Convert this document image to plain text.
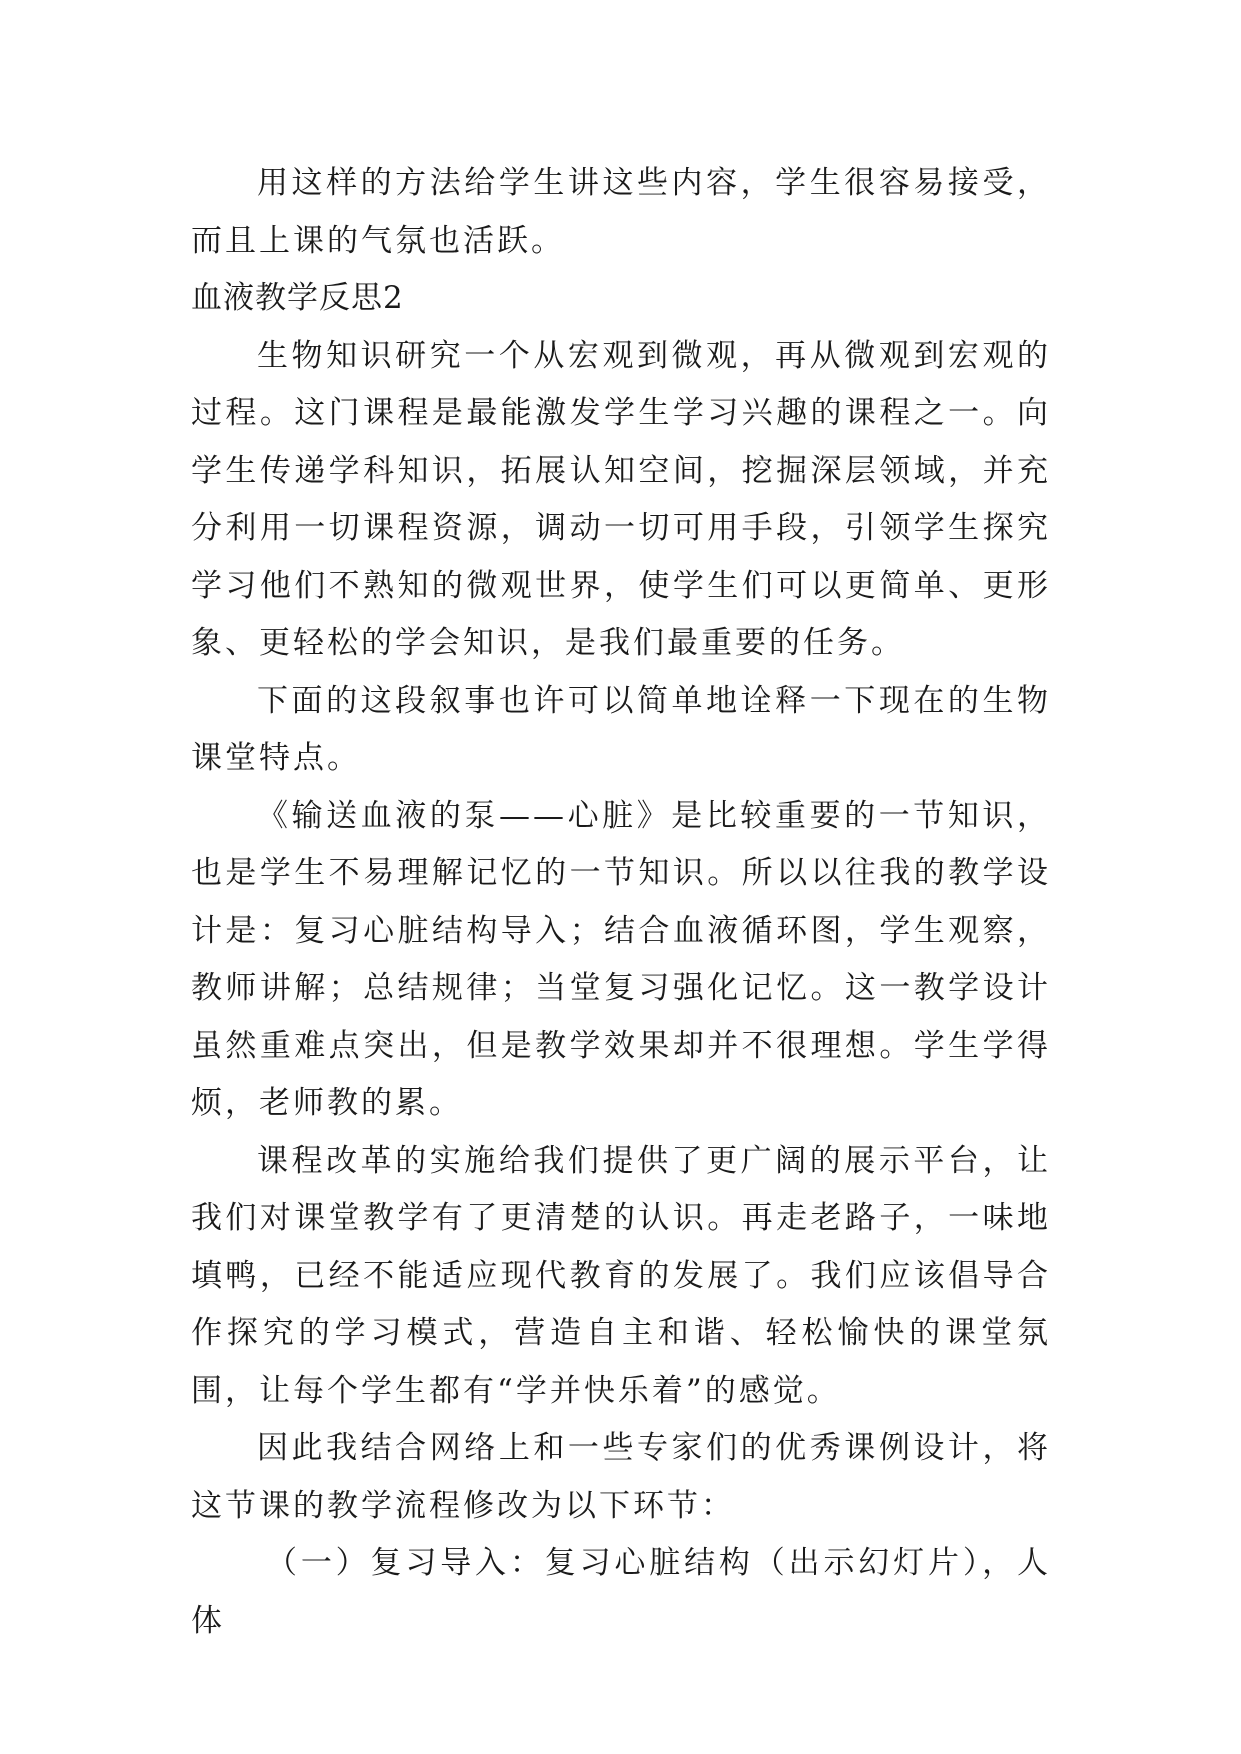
用这样的方法给学生讲这些内容，学生很容易接受，而且上课的气氛也活跃。

血液教学反思2

生物知识研究一个从宏观到微观，再从微观到宏观的过程。这门课程是最能激发学生学习兴趣的课程之一。向学生传递学科知识，拓展认知空间，挖掘深层领域，并充分利用一切课程资源，调动一切可用手段，引领学生探究学习他们不熟知的微观世界，使学生们可以更简单、更形象、更轻松的学会知识，是我们最重要的任务。

下面的这段叙事也许可以简单地诠释一下现在的生物课堂特点。

《输送血液的泵——心脏》是比较重要的一节知识，也是学生不易理解记忆的一节知识。所以以往我的教学设计是：复习心脏结构导入；结合血液循环图，学生观察，教师讲解；总结规律；当堂复习强化记忆。这一教学设计虽然重难点突出，但是教学效果却并不很理想。学生学得烦，老师教的累。

课程改革的实施给我们提供了更广阔的展示平台，让我们对课堂教学有了更清楚的认识。再走老路子，一味地填鸭，已经不能适应现代教育的发展了。我们应该倡导合作探究的学习模式，营造自主和谐、轻松愉快的课堂氛围，让每个学生都有“学并快乐着”的感觉。

因此我结合网络上和一些专家们的优秀课例设计，将这节课的教学流程修改为以下环节：

（一）复习导入：复习心脏结构（出示幻灯片），人体
